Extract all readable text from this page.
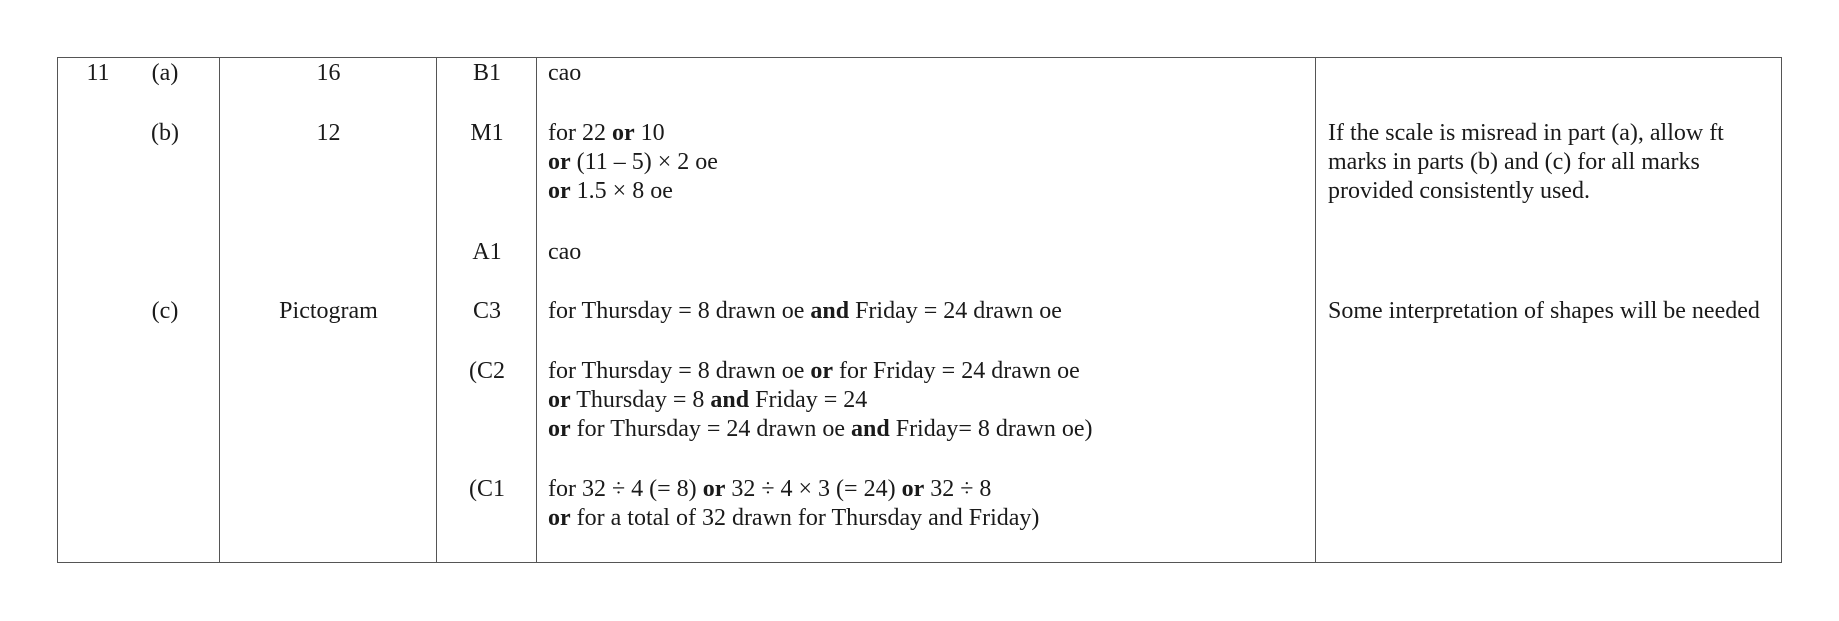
11	(a)
(b)
(c)
16
12
Pictogram
B1
M1
A1
C3
(C2
(C1
cao
for 22 or 10
or (11 – 5) × 2 oe
or 1.5 × 8 oe
cao
for Thursday = 8 drawn oe and Friday = 24 drawn oe
for Thursday = 8 drawn oe or for Friday = 24 drawn oe
or Thursday = 8 and Friday = 24
or for Thursday = 24 drawn oe and Friday= 8 drawn oe)
for 32 ÷ 4 (= 8) or 32 ÷ 4 × 3 (= 24) or 32 ÷ 8
or for a total of 32 drawn for Thursday and Friday)
If the scale is misread in part (a), allow ft marks in parts (b) and (c) for all marks provided consistently used.
Some interpretation of shapes will be needed
